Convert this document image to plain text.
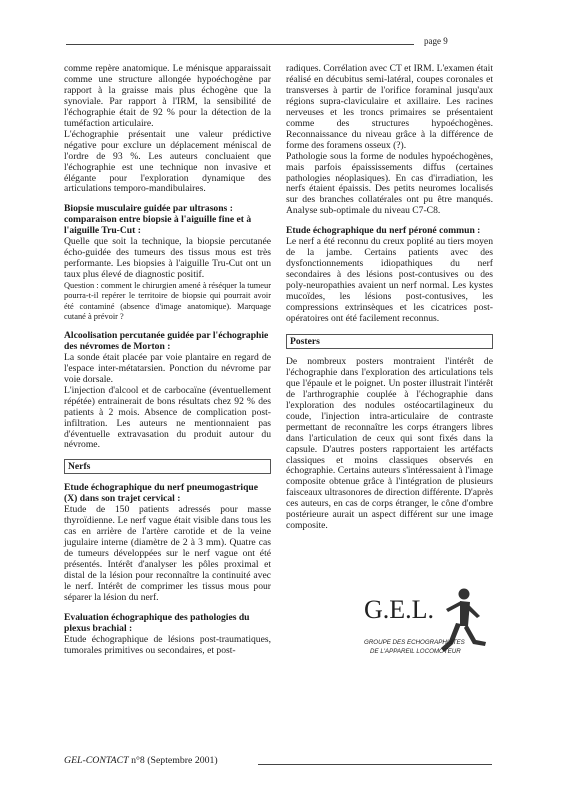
page 9

comme repère anatomique. Le ménisque apparaissait comme une structure allongée hypoéchogène par rapport à la graisse mais plus échogène que la synoviale. Par rapport à l'IRM, la sensibilité de l'échographie était de 92 % pour la détection de la tuméfaction articulaire.

L'échographie présentait une valeur prédictive négative pour exclure un déplacement méniscal de l'ordre de 93 %. Les auteurs concluaient que l'échographie est une technique non invasive et élégante pour l'exploration dynamique des articulations temporo-mandibulaires.

Biopsie musculaire guidée par ultrasons : comparaison entre biopsie à l'aiguille fine et à l'aiguille Tru-Cut :

Quelle que soit la technique, la biopsie percutanée écho-guidée des tumeurs des tissus mous est très performante. Les biopsies à l'aiguille Tru-Cut ont un taux plus élevé de diagnostic positif.

Question : comment le chirurgien amené à réséquer la tumeur pourra-t-il repérer le territoire de biopsie qui pourrait avoir été contaminé (absence d'image anatomique). Marquage cutané à prévoir ?

Alcoolisation percutanée guidée par l'échographie des névromes de Morton :

La sonde était placée par voie plantaire en regard de l'espace inter-métatarsien. Ponction du névrome par voie dorsale.

L'injection d'alcool et de carbocaïne (éventuellement répétée) entrainerait de bons résultats chez 92 % des patients à 2 mois. Absence de complication post-infiltration. Les auteurs ne mentionnaient pas d'éventuelle extravasation du produit autour du névrome.

Nerfs

Etude échographique du nerf pneumogastrique (X) dans son trajet cervical :

Etude de 150 patients adressés pour masse thyroïdienne. Le nerf vague était visible dans tous les cas en arrière de l'artère carotide et de la veine jugulaire interne (diamètre de 2 à 3 mm). Quatre cas de tumeurs développées sur le nerf vague ont été présentés. Intérêt d'analyser les pôles proximal et distal de la lésion pour reconnaître la continuité avec le nerf. Intérêt de comprimer les tissus mous pour séparer la lésion du nerf.

Evaluation échographique des pathologies du plexus brachial :

Etude échographique de lésions post-traumatiques, tumorales primitives ou secondaires, et post-

radiques. Corrélation avec CT et IRM. L'examen était réalisé en décubitus semi-latéral, coupes coronales et transverses à partir de l'orifice foraminal jusqu'aux régions supra-claviculaire et axillaire. Les racines nerveuses et les troncs primaires se présentaient comme des structures hypoéchogènes. Reconnaissance du niveau grâce à la différence de forme des foramens osseux (?).

Pathologie sous la forme de nodules hypoéchogènes, mais parfois épaississements diffus (certaines pathologies néoplasiques). En cas d'irradiation, les nerfs étaient épaissis. Des petits neuromes localisés sur des branches collatérales ont pu être manqués. Analyse sub-optimale du niveau C7-C8.

Etude échographique du nerf péroné commun :

Le nerf a été reconnu du creux poplité au tiers moyen de la jambe. Certains patients avec des dysfonctionnements idiopathiques du nerf secondaires à des lésions post-contusives ou des poly-neuropathies avaient un nerf normal. Les kystes mucoïdes, les lésions post-contusives, les compressions extrinsèques et les cicatrices post-opératoires ont été facilement reconnus.

Posters

De nombreux posters montraient l'intérêt de l'échographie dans l'exploration des articulations tels que l'épaule et le poignet. Un poster illustrait l'intérêt de l'arthrographie couplée à l'échographie dans l'exploration des nodules ostéocartilagineux du coude, l'injection intra-articulaire de contraste permettant de reconnaître les corps étrangers libres dans l'articulation de ceux qui sont fixés dans la capsule. D'autres posters rapportaient les artéfacts classiques et moins classiques observés en échographie. Certains auteurs s'intéressaient à l'image composite obtenue grâce à l'intégration de plusieurs faisceaux ultrasonores de direction différente. D'après ces auteurs, en cas de corps étranger, le cône d'ombre postérieure aurait un aspect différent sur une image composite.

G.E.L.
GROUPE DES ECHOGRAPHISTES
DE L'APPAREIL LOCOMOTEUR
GEL-CONTACT n°8 (Septembre 2001)
